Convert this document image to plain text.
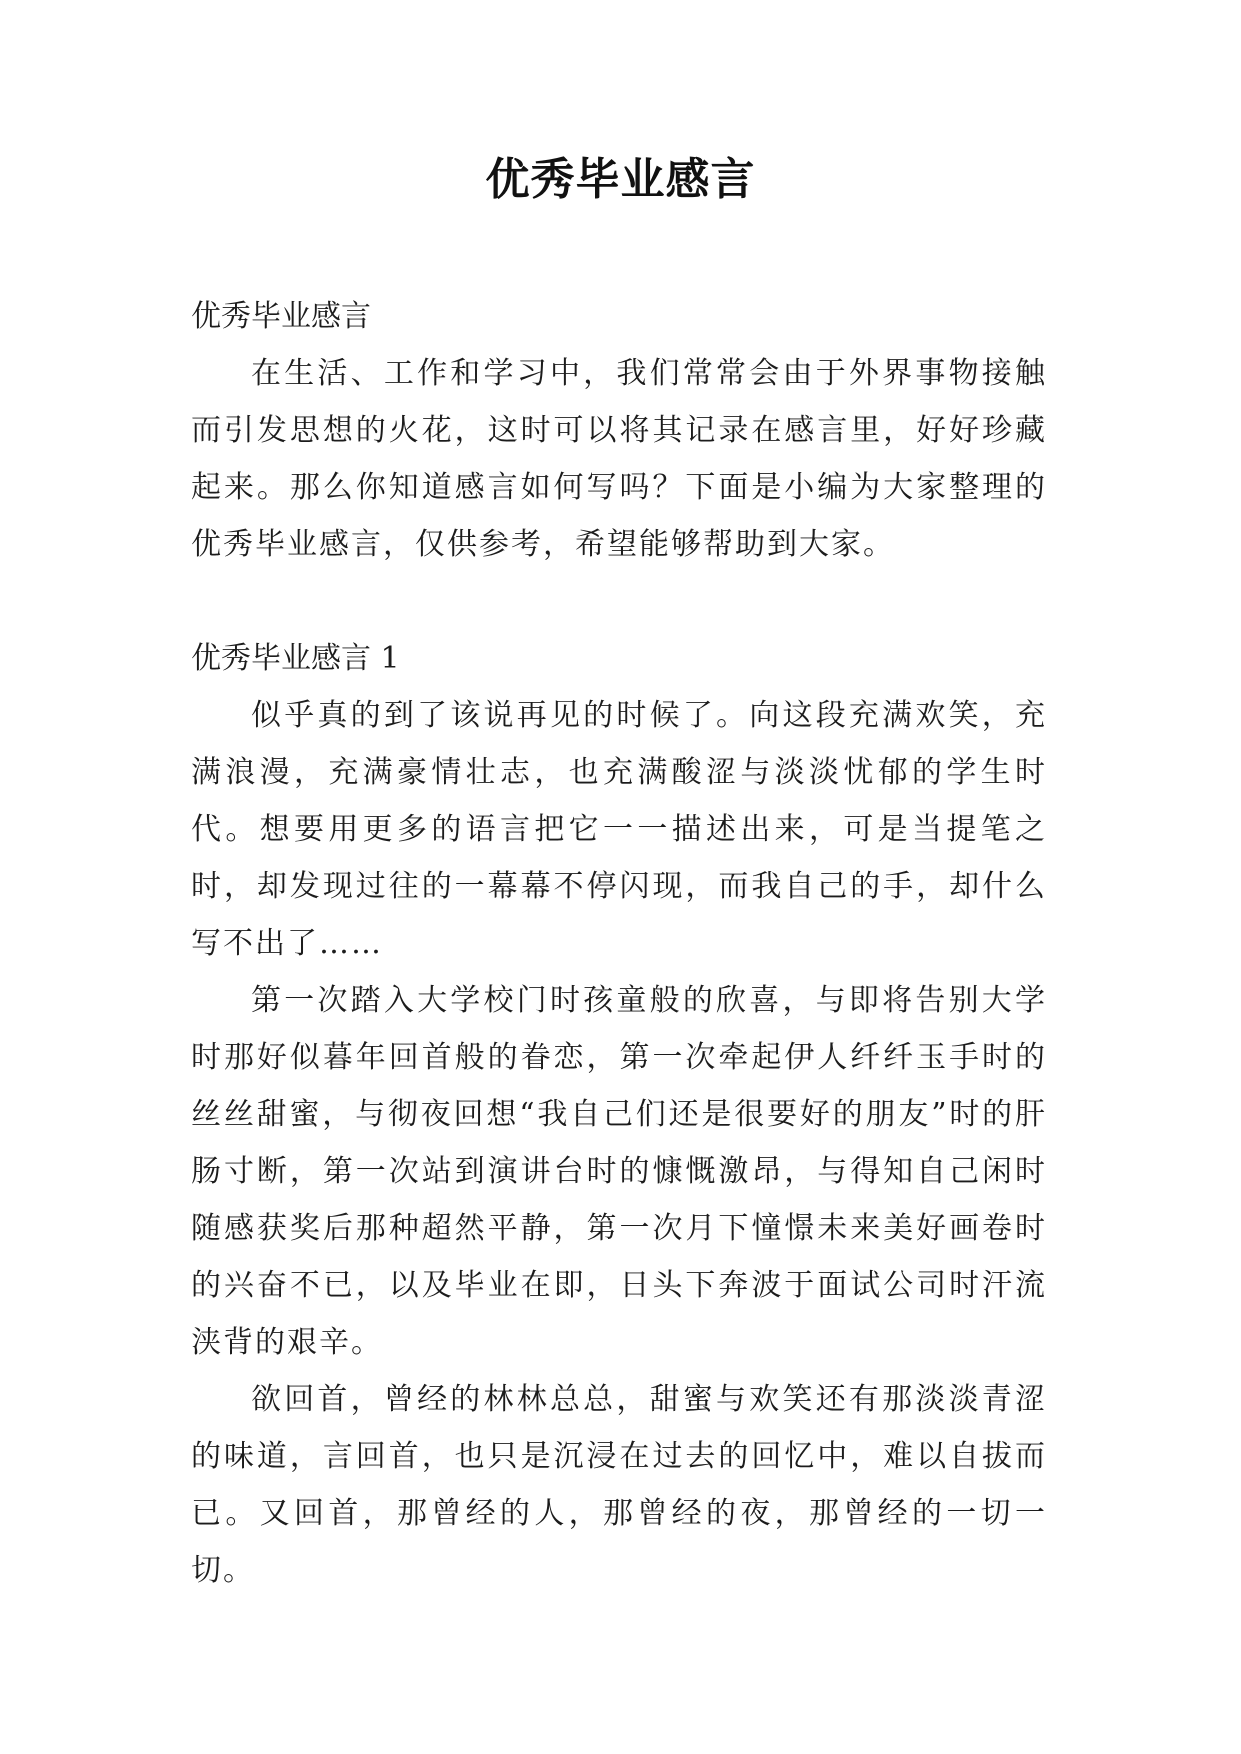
优秀毕业感言

优秀毕业感言

在生活、工作和学习中，我们常常会由于外界事物接触而引发思想的火花，这时可以将其记录在感言里，好好珍藏起来。那么你知道感言如何写吗？下面是小编为大家整理的优秀毕业感言，仅供参考，希望能够帮助到大家。

优秀毕业感言 1

似乎真的到了该说再见的时候了。向这段充满欢笑，充满浪漫，充满豪情壮志，也充满酸涩与淡淡忧郁的学生时代。想要用更多的语言把它一一描述出来，可是当提笔之时，却发现过往的一幕幕不停闪现，而我自己的手，却什么写不出了……

第一次踏入大学校门时孩童般的欣喜，与即将告别大学时那好似暮年回首般的眷恋，第一次牵起伊人纤纤玉手时的丝丝甜蜜，与彻夜回想“我自己们还是很要好的朋友”时的肝肠寸断，第一次站到演讲台时的慷慨激昂，与得知自己闲时随感获奖后那种超然平静，第一次月下憧憬未来美好画卷时的兴奋不已，以及毕业在即，日头下奔波于面试公司时汗流浃背的艰辛。

欲回首，曾经的林林总总，甜蜜与欢笑还有那淡淡青涩的味道，言回首，也只是沉浸在过去的回忆中，难以自拔而已。又回首，那曾经的人，那曾经的夜，那曾经的一切一切。
